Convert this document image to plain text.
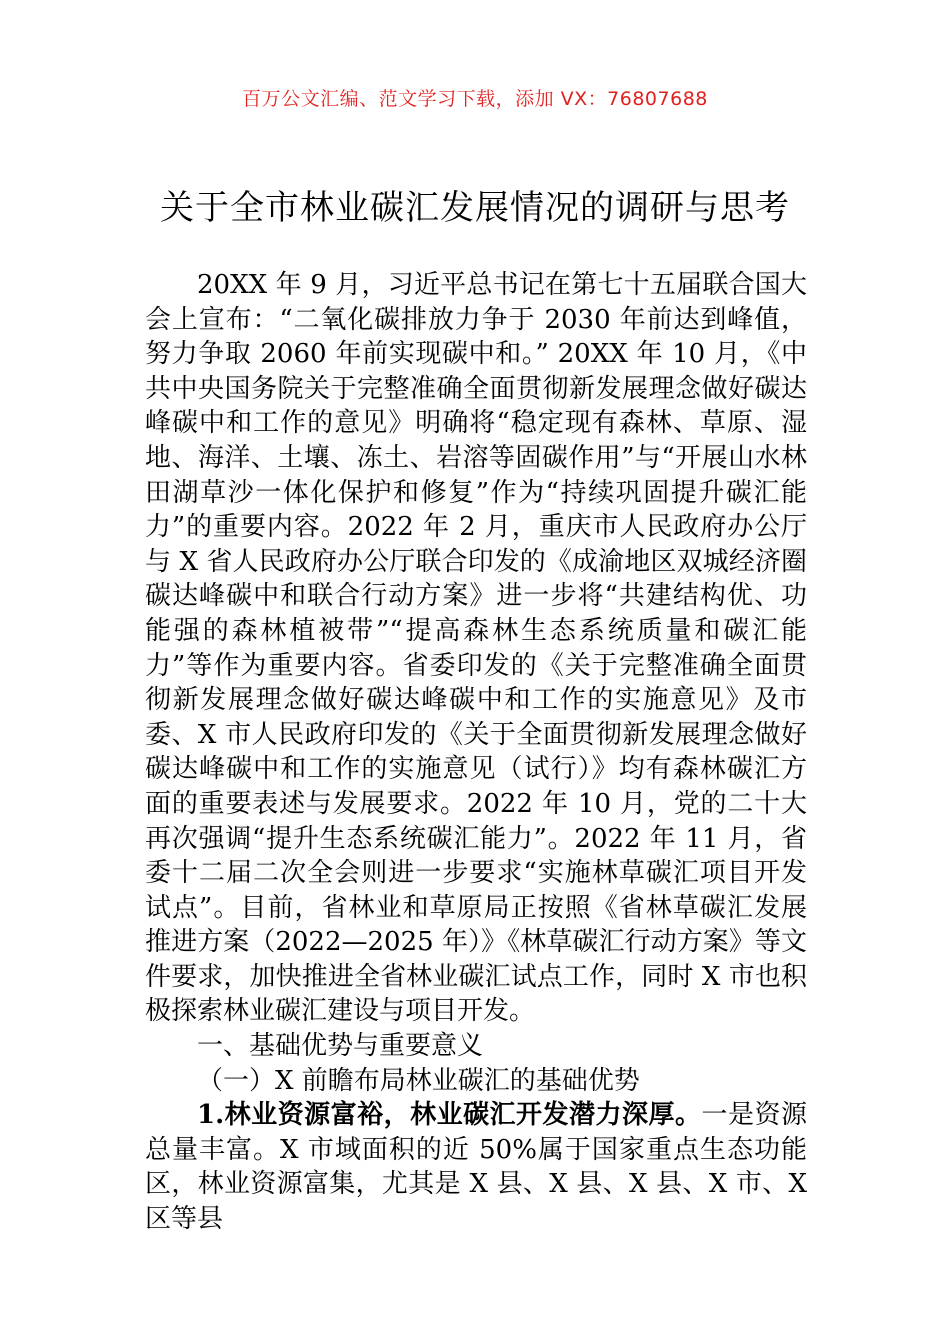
百万公文汇编、范文学习下载，添加 VX：76807688
关于全市林业碳汇发展情况的调研与思考

20XX 年 9 月，习近平总书记在第七十五届联合国大会上宣布：“二氧化碳排放力争于 2030 年前达到峰值，努力争取 2060 年前实现碳中和。” 20XX 年 10 月，《中共中央国务院关于完整准确全面贯彻新发展理念做好碳达峰碳中和工作的意见》明确将“稳定现有森林、草原、湿地、海洋、土壤、冻土、岩溶等固碳作用”与“开展山水林田湖草沙一体化保护和修复”作为“持续巩固提升碳汇能力”的重要内容。2022 年 2 月，重庆市人民政府办公厅与 X 省人民政府办公厅联合印发的《成渝地区双城经济圈碳达峰碳中和联合行动方案》进一步将“共建结构优、功能强的森林植被带”“提高森林生态系统质量和碳汇能力”等作为重要内容。省委印发的《关于完整准确全面贯彻新发展理念做好碳达峰碳中和工作的实施意见》及市委、X 市人民政府印发的《关于全面贯彻新发展理念做好碳达峰碳中和工作的实施意见（试行）》均有森林碳汇方面的重要表述与发展要求。2022 年 10 月，党的二十大再次强调“提升生态系统碳汇能力”。2022 年 11 月，省委十二届二次全会则进一步要求“实施林草碳汇项目开发试点”。目前，省林业和草原局正按照《省林草碳汇发展推进方案（2022—2025 年）》《林草碳汇行动方案》等文件要求，加快推进全省林业碳汇试点工作，同时 X 市也积极探索林业碳汇建设与项目开发。

一、基础优势与重要意义

（一）X 前瞻布局林业碳汇的基础优势

1.林业资源富裕，林业碳汇开发潜力深厚。一是资源总量丰富。X 市域面积的近 50%属于国家重点生态功能区，林业资源富集，尤其是 X 县、X 县、X 县、X 市、X 区等县
